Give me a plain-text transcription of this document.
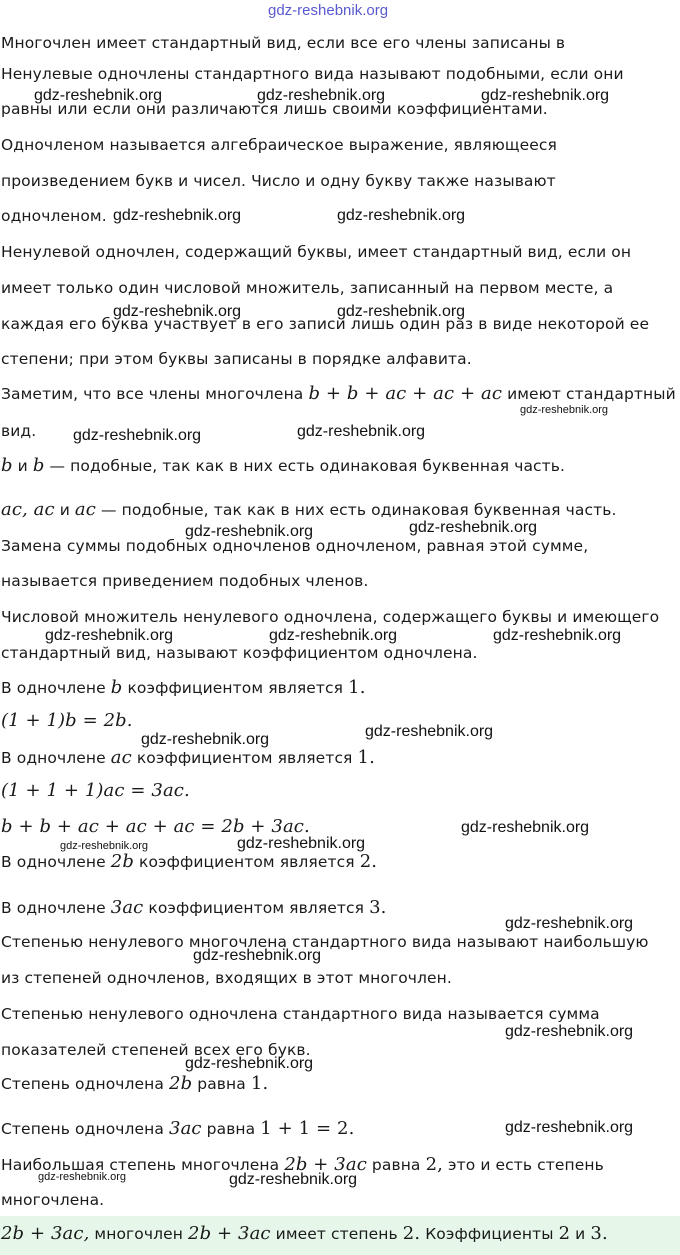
gdz-reshebnik.org
gdz-reshebnik.org	gdz-reshebnik.org	gdz-reshebnik.org
gdz-reshebnik.org	gdz-reshebnik.org
gdz-reshebnik.org	gdz-reshebnik.org
gdz-reshebnik.org
gdz-reshebnik.org	gdz-reshebnik.org
gdz-reshebnik.org	gdz-reshebnik.org
gdz-reshebnik.org	gdz-reshebnik.org	gdz-reshebnik.org
gdz-reshebnik.org
gdz-reshebnik.org
gdz-reshebnik.org
gdz-reshebnik.org	gdz-reshebnik.org
gdz-reshebnik.org
gdz-reshebnik.org
gdz-reshebnik.org
gdz-reshebnik.org
gdz-reshebnik.org
gdz-reshebnik.org	gdz-reshebnik.org
Многочлен имеет стандартный вид, если все его члены записаны в
Ненулевые одночлены стандартного вида называют подобными, если они
равны или если они различаются лишь своими коэффициентами.
Одночленом называется алгебраическое выражение, являющееся
произведением букв и чисел. Число и одну букву также называют
одночленом.
Ненулевой одночлен, содержащий буквы, имеет стандартный вид, если он
имеет только один числовой множитель, записанный на первом месте, а
каждая его буква участвует в его записи лишь один раз в виде некоторой ее
степени; при этом буквы записаны в порядке алфавита.
Заметим, что все члены многочлена b + b + ac + ac + ac имеют стандартный
вид.
b и b — подобные, так как в них есть одинаковая буквенная часть.
ac, ac и ac — подобные, так как в них есть одинаковая буквенная часть.
Замена суммы подобных одночленов одночленом, равная этой сумме,
называется приведением подобных членов.
Числовой множитель ненулевого одночлена, содержащего буквы и имеющего
стандартный вид, называют коэффициентом одночлена.
В одночлене b коэффициентом является 1.
(1 + 1)b = 2b.
В одночлене ac коэффициентом является 1.
(1 + 1 + 1)ac = 3ac.
b + b + ac + ac + ac = 2b + 3ac.
В одночлене 2b коэффициентом является 2.
В одночлене 3ac коэффициентом является 3.
Степенью ненулевого многочлена стандартного вида называют наибольшую
из степеней одночленов, входящих в этот многочлен.
Степенью ненулевого одночлена стандартного вида называется сумма
показателей степеней всех его букв.
Степень одночлена 2b равна 1.
Степень одночлена 3ac равна 1 + 1 = 2.
Наибольшая степень многочлена 2b + 3ac равна 2, это и есть степень
многочлена.
2b + 3ac, многочлен 2b + 3ac имеет степень 2. Коэффициенты 2 и 3.
